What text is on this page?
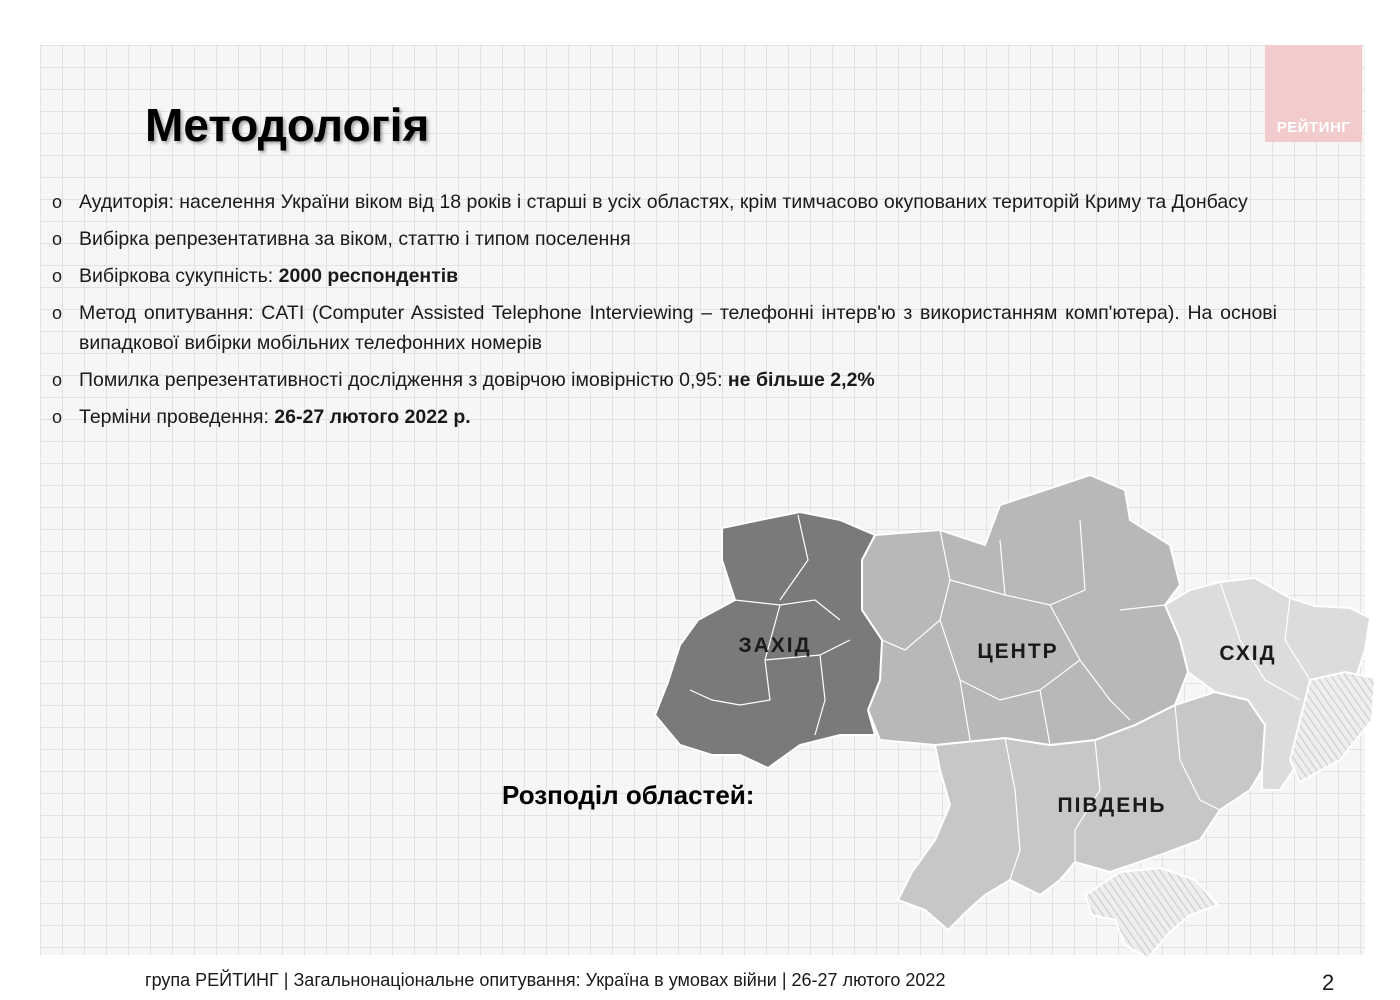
РЕЙТИНГ
Методологія
o Аудиторія: населення України віком від 18 років і старші в усіх областях, крім тимчасово окупованих територій Криму та Донбасу
o Вибірка репрезентативна за віком, статтю і типом поселення
o Вибіркова сукупність: 2000 респондентів
o Метод опитування: CATI (Computer Assisted Telephone Interviewing – телефонні інтерв'ю з використанням комп'ютера). На основі випадкової вибірки мобільних телефонних номерів
o Помилка репрезентативності дослідження з довірчою імовірністю 0,95: не більше 2,2%
o Терміни проведення: 26-27 лютого 2022 р.
ЗАХІД	ЦЕНТР	СХІД
ПІВДЕНЬ
Розподіл областей:
група РЕЙТИНГ | Загальнонаціональне опитування: Україна в умовах війни | 26-27 лютого 2022	2
